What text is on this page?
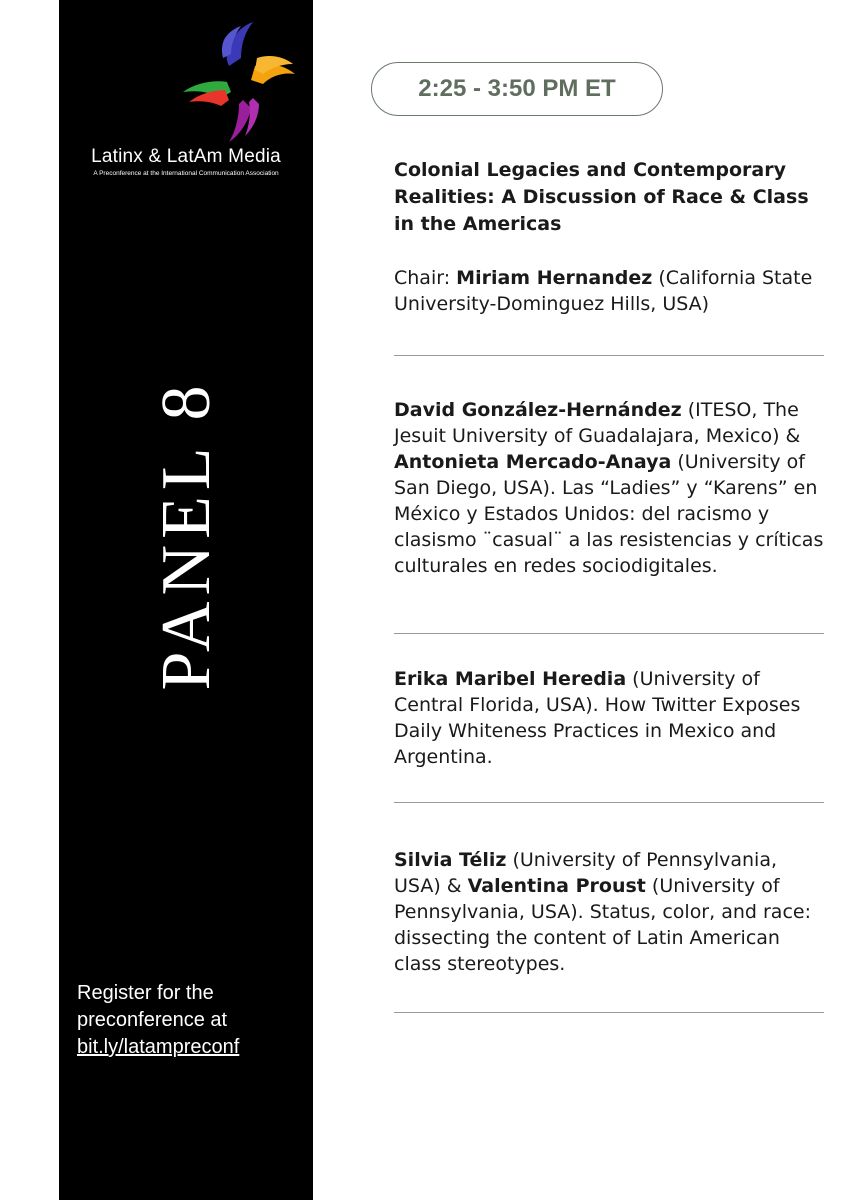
Latinx & LatAm Media
A Preconference at the International Communication Association
PANEL 8
Register for the
preconference at
bit.ly/latampreconf
2:25 - 3:50 PM ET
Colonial Legacies and Contemporary Realities: A Discussion of Race & Class in the Americas
Chair: Miriam Hernandez (California State University-Dominguez Hills, USA)
David González-Hernández (ITESO, The Jesuit University of Guadalajara, Mexico) & Antonieta Mercado-Anaya (University of San Diego, USA). Las “Ladies” y “Karens” en México y Estados Unidos: del racismo y clasismo ¨casual¨ a las resistencias y críticas culturales en redes sociodigitales.
Erika Maribel Heredia (University of Central Florida, USA). How Twitter Exposes Daily Whiteness Practices in Mexico and Argentina.
Silvia Téliz (University of Pennsylvania, USA) & Valentina Proust (University of Pennsylvania, USA). Status, color, and race: dissecting the content of Latin American class stereotypes.
